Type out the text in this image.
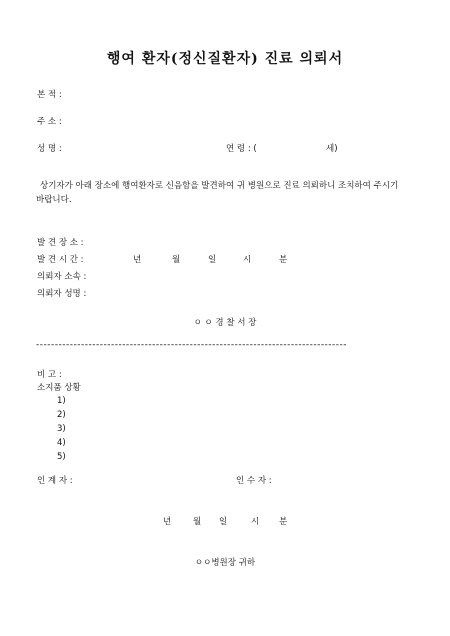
행여 환자(정신질환자) 진료 의뢰서
본 적 :
주 소 :
성 명 :	연 령 : (	세)
상기자가 아래 장소에 행여환자로 신음함을 발견하여 귀 병원으로 진료 의뢰하니 조치하여 주시기 바랍니다.
발 견 장 소 :
발 견 시 간 :	년	월	일	시	분
의뢰자 소속 :
의뢰자 성명 :
ㅇ ㅇ 경 찰 서 장
-----------------------------------------------------------------------------------
비 고 :
소지품 상황
1)
2)
3)
4)
5)
인 계 자 :	인 수 자 :
년	월 일	시 분
ㅇㅇ병원장 귀하
